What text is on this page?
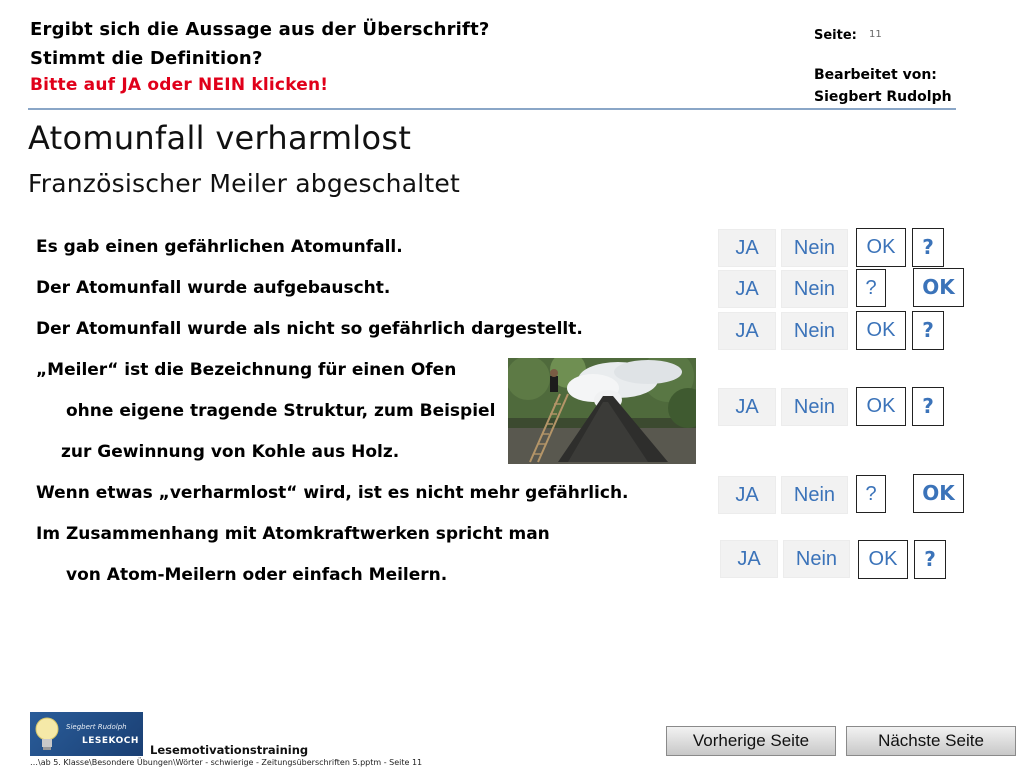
Ergibt sich die Aussage aus der Überschrift?
Stimmt die Definition?
Bitte auf JA oder NEIN klicken!
Seite: 11
Bearbeitet von:
Siegbert Rudolph
Atomunfall verharmlost
Französischer Meiler abgeschaltet
Es gab einen gefährlichen Atomunfall.
Der Atomunfall wurde aufgebauscht.
Der Atomunfall wurde als nicht so gefährlich dargestellt.
„Meiler“ ist die Bezeichnung für einen Ofen
ohne eigene tragende Struktur, zum Beispiel
zur Gewinnung von Kohle aus Holz.
Wenn etwas „verharmlost“ wird, ist es nicht mehr gefährlich.
Im Zusammenhang mit Atomkraftwerken spricht man
von Atom-Meilern oder einfach Meilern.
JA	Nein	OK	?
JA	Nein	?	OK
JA	Nein	OK	?
JA	Nein	OK	?
JA	Nein	?	OK
JA	Nein	OK	?
Siegbert Rudolph
LESEKOCH
Lesemotivationstraining
…\ab 5. Klasse\Besondere Übungen\Wörter - schwierige - Zeitungsüberschriften 5.pptm - Seite 11
Vorherige Seite	Nächste Seite
